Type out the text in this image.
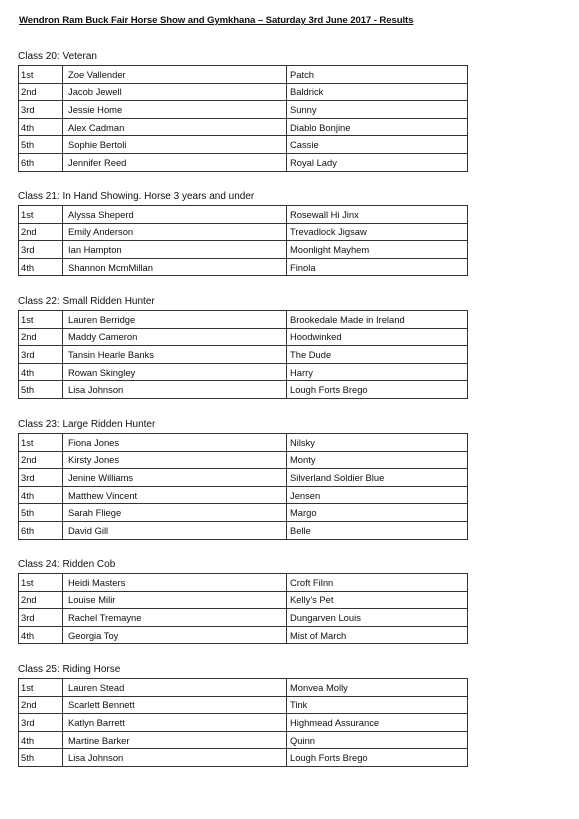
Wendron Ram Buck Fair Horse Show and Gymkhana – Saturday 3rd June 2017 - Results
Class 20: Veteran
1st	Zoe Vallender	Patch
2nd	Jacob Jewell	Baldrick
3rd	Jessie Home	Sunny
4th	Alex Cadman	Diablo Bonjine
5th	Sophie Bertoli	Cassie
6th	Jennifer Reed	Royal Lady
Class 21: In Hand Showing. Horse 3 years and under
1st	Alyssa Sheperd	Rosewall Hi Jinx
2nd	Emily Anderson	Trevadlock Jigsaw
3rd	Ian Hampton	Moonlight Mayhem
4th	Shannon McmMillan	Finola
Class 22: Small Ridden Hunter
1st	Lauren Berridge	Brookedale Made in Ireland
2nd	Maddy Cameron	Hoodwinked
3rd	Tansin Hearle Banks	The Dude
4th	Rowan Skingley	Harry
5th	Lisa Johnson	Lough Forts Brego
Class 23: Large Ridden Hunter
1st	Fiona Jones	Nilsky
2nd	Kirsty Jones	Monty
3rd	Jenine Williams	Silverland Soldier Blue
4th	Matthew Vincent	Jensen
5th	Sarah Fliege	Margo
6th	David Gill	Belle
Class 24: Ridden Cob
1st	Heidi Masters	Croft Filnn
2nd	Louise Milir	Kelly's Pet
3rd	Rachel Tremayne	Dungarven Louis
4th	Georgia Toy	Mist of March
Class 25: Riding Horse
1st	Lauren Stead	Monvea Molly
2nd	Scarlett Bennett	Tink
3rd	Katlyn Barrett	Highmead Assurance
4th	Martine Barker	Quinn
5th	Lisa Johnson	Lough Forts Brego
